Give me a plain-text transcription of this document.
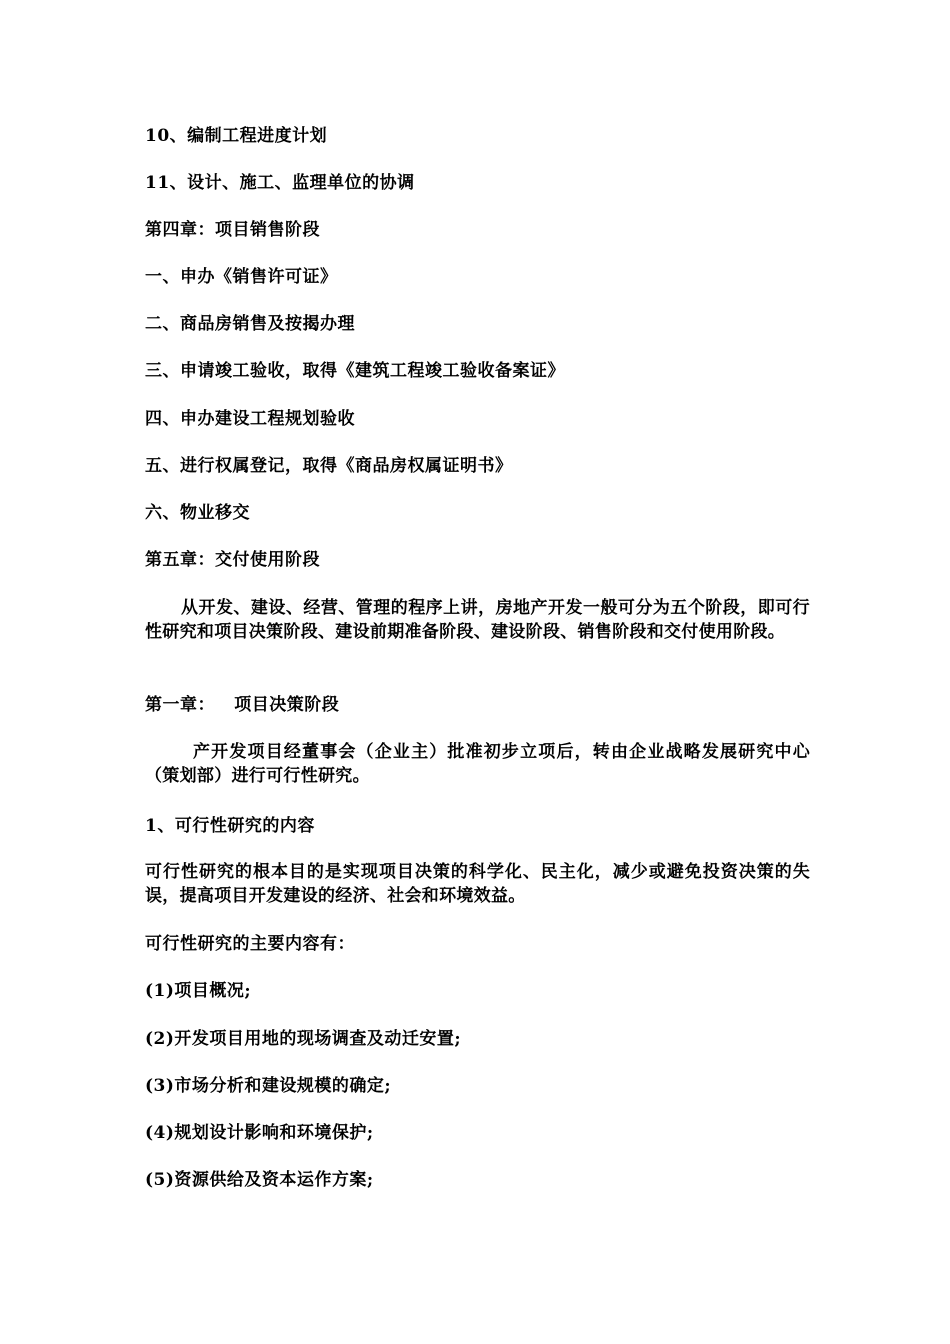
10、编制工程进度计划
11、设计、施工、监理单位的协调
第四章：项目销售阶段
一、申办《销售许可证》
二、商品房销售及按揭办理
三、申请竣工验收，取得《建筑工程竣工验收备案证》
四、申办建设工程规划验收
五、进行权属登记，取得《商品房权属证明书》
六、物业移交
第五章：交付使用阶段
从开发、建设、经营、管理的程序上讲，房地产开发一般可分为五个阶段，即可行性研究和项目决策阶段、建设前期准备阶段、建设阶段、销售阶段和交付使用阶段。
第一章：   项目决策阶段
产开发项目经董事会（企业主）批准初步立项后，转由企业战略发展研究中心（策划部）进行可行性研究。
1、可行性研究的内容
可行性研究的根本目的是实现项目决策的科学化、民主化，减少或避免投资决策的失误，提高项目开发建设的经济、社会和环境效益。
可行性研究的主要内容有：
(1)项目概况;
(2)开发项目用地的现场调查及动迁安置;
(3)市场分析和建设规模的确定;
(4)规划设计影响和环境保护;
(5)资源供给及资本运作方案;
